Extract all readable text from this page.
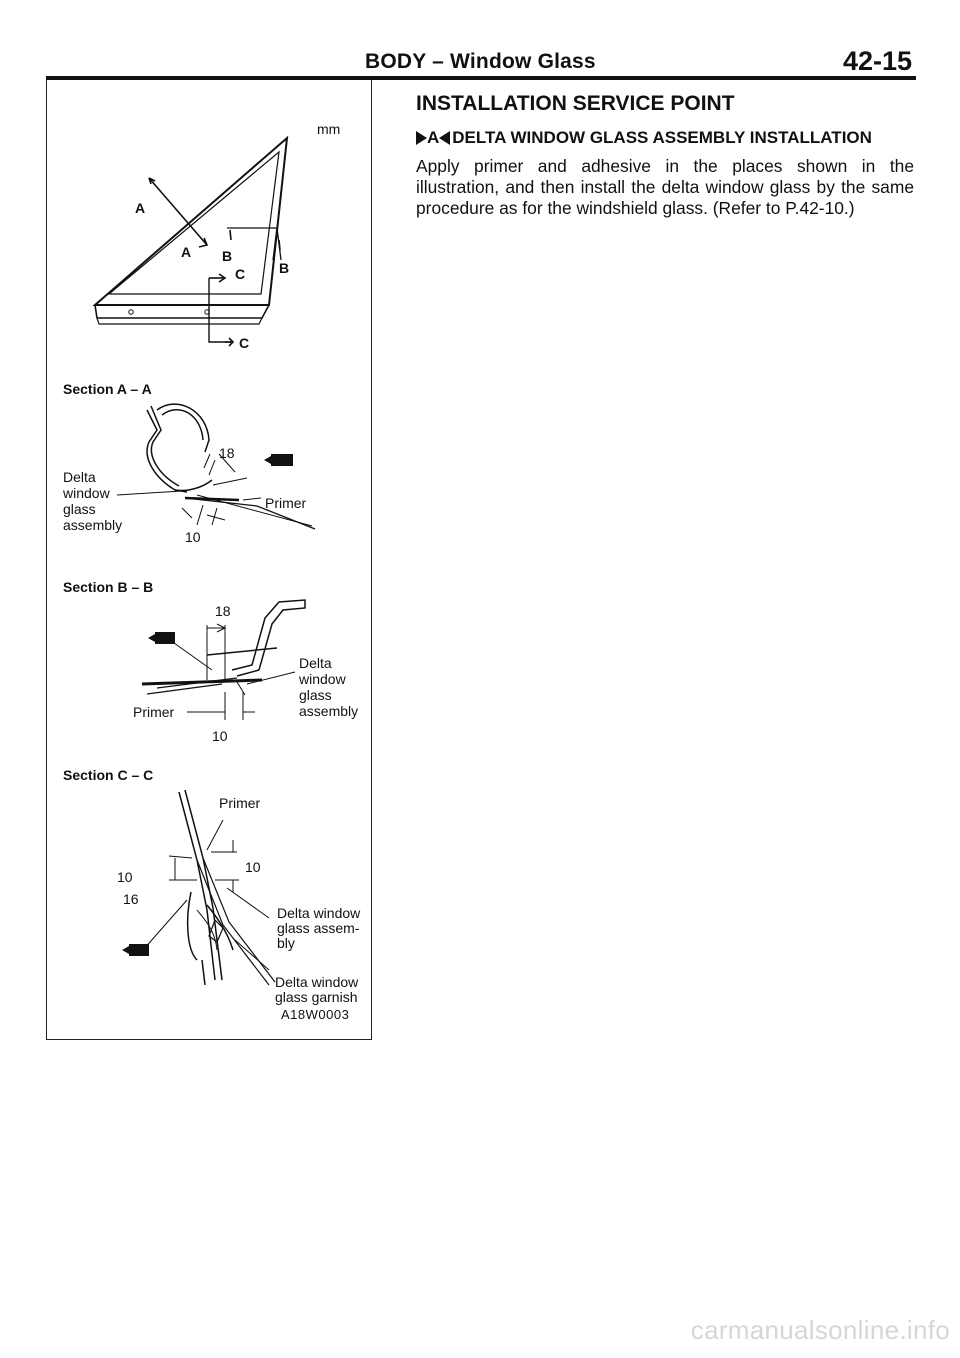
BODY – Window Glass	42-15
mm
A
A B
C B
C
Section A – A
18
10
Primer
Delta
window
glass
assembly
Section B – B
18
10
Primer
Delta
window
glass
assembly
Section C – C
Primer
10
16
10
Delta window
glass assem-
bly
Delta window
glass garnish
A18W0003
INSTALLATION SERVICE POINT
A DELTA WINDOW GLASS ASSEMBLY INSTALLATION
Apply primer and adhesive in the places shown in the illustration, and then install the delta window glass by the same procedure as for the windshield glass. (Refer to P.42-10.)
carmanualsonline.info
